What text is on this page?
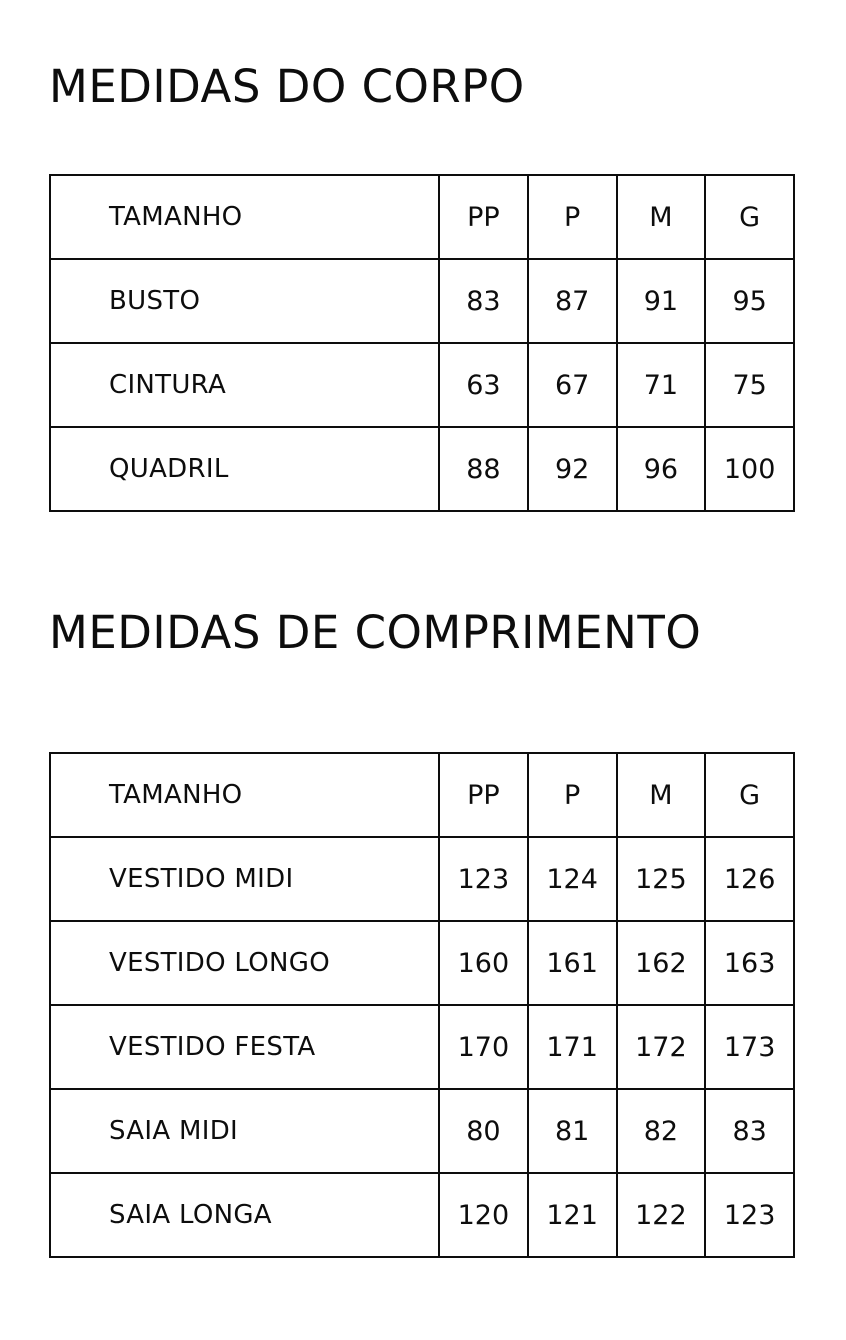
MEDIDAS DO CORPO
TAMANHO	PP	P	M	G
BUSTO	83	87	91	95
CINTURA	63	67	71	75
QUADRIL	88	92	96	100
MEDIDAS DE COMPRIMENTO
TAMANHO	PP	P	M	G
VESTIDO MIDI	123	124	125	126
VESTIDO LONGO	160	161	162	163
VESTIDO FESTA	170	171	172	173
SAIA MIDI	80	81	82	83
SAIA LONGA	120	121	122	123
